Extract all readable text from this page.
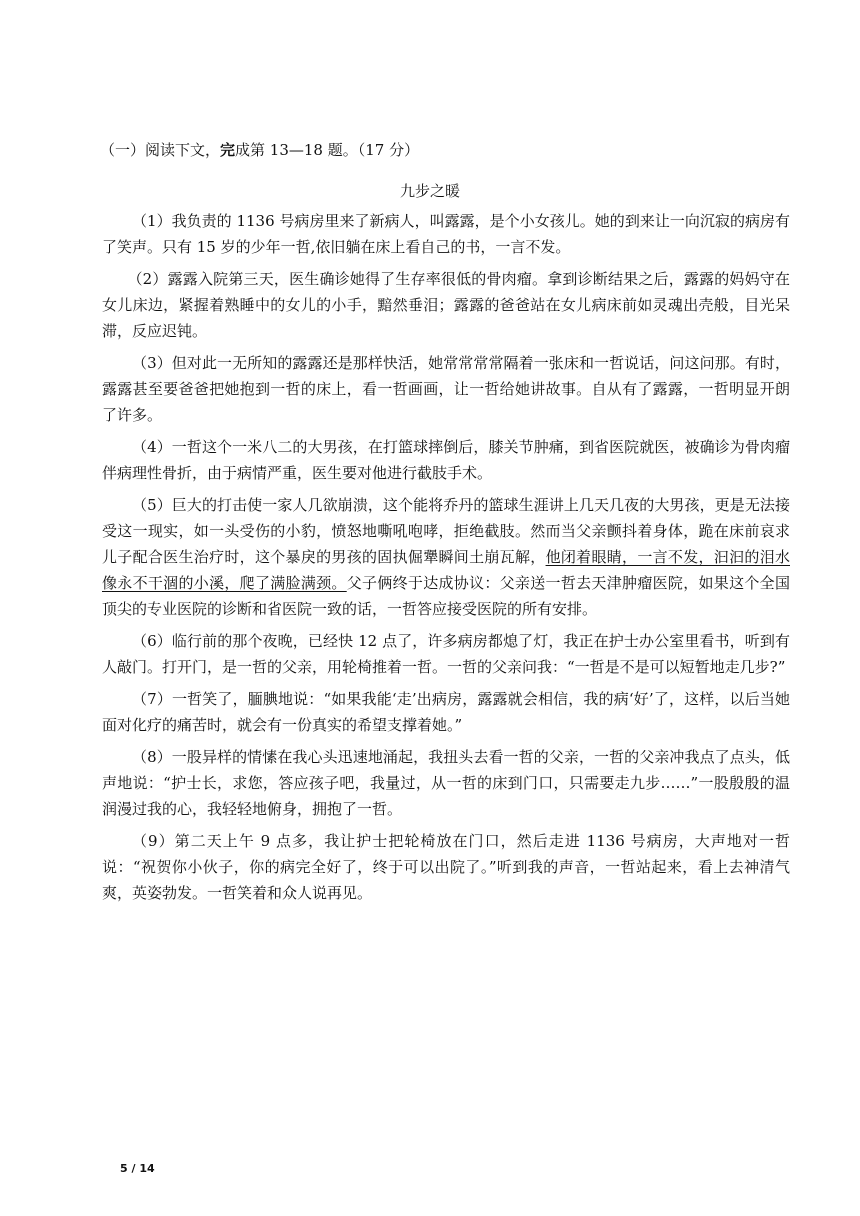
（一）阅读下文，完成第 13—18 题。（17 分）
九步之暖

（1）我负责的 1136 号病房里来了新病人，叫露露，是个小女孩儿。她的到来让一向沉寂的病房有了笑声。只有 15 岁的少年一哲,依旧躺在床上看自己的书，一言不发。

（2）露露入院第三天，医生确诊她得了生存率很低的骨肉瘤。拿到诊断结果之后，露露的妈妈守在女儿床边，紧握着熟睡中的女儿的小手，黯然垂泪；露露的爸爸站在女儿病床前如灵魂出壳般，目光呆滞，反应迟钝。

（3）但对此一无所知的露露还是那样快活，她常常常常隔着一张床和一哲说话，问这问那。有时，露露甚至要爸爸把她抱到一哲的床上，看一哲画画，让一哲给她讲故事。自从有了露露，一哲明显开朗了许多。

（4）一哲这个一米八二的大男孩，在打篮球摔倒后，膝关节肿痛，到省医院就医，被确诊为骨肉瘤伴病理性骨折，由于病情严重，医生要对他进行截肢手术。

（5）巨大的打击使一家人几欲崩溃，这个能将乔丹的篮球生涯讲上几天几夜的大男孩，更是无法接受这一现实，如一头受伤的小豹，愤怒地嘶吼咆哮，拒绝截肢。然而当父亲颤抖着身体，跪在床前哀求儿子配合医生治疗时，这个暴戾的男孩的固执倔犟瞬间土崩瓦解，他闭着眼睛，一言不发，汩汩的泪水像永不干涸的小溪，爬了满脸满颈。父子俩终于达成协议：父亲送一哲去天津肿瘤医院，如果这个全国顶尖的专业医院的诊断和省医院一致的话，一哲答应接受医院的所有安排。

（6）临行前的那个夜晚，已经快 12 点了，许多病房都熄了灯，我正在护士办公室里看书，听到有人敲门。打开门，是一哲的父亲，用轮椅推着一哲。一哲的父亲问我：“一哲是不是可以短暂地走几步?”

（7）一哲笑了，腼腆地说：“如果我能‘走’出病房，露露就会相信，我的病‘好’了，这样，以后当她面对化疗的痛苦时，就会有一份真实的希望支撑着她。”

（8）一股异样的情愫在我心头迅速地涌起，我扭头去看一哲的父亲，一哲的父亲冲我点了点头，低声地说：“护士长，求您，答应孩子吧，我量过，从一哲的床到门口，只需要走九步……”一股殷殷的温润漫过我的心，我轻轻地俯身，拥抱了一哲。

（9）第二天上午 9 点多，我让护士把轮椅放在门口，然后走进 1136 号病房，大声地对一哲说：“祝贺你小伙子，你的病完全好了，终于可以出院了。”听到我的声音，一哲站起来，看上去神清气爽，英姿勃发。一哲笑着和众人说再见。

5 / 14
